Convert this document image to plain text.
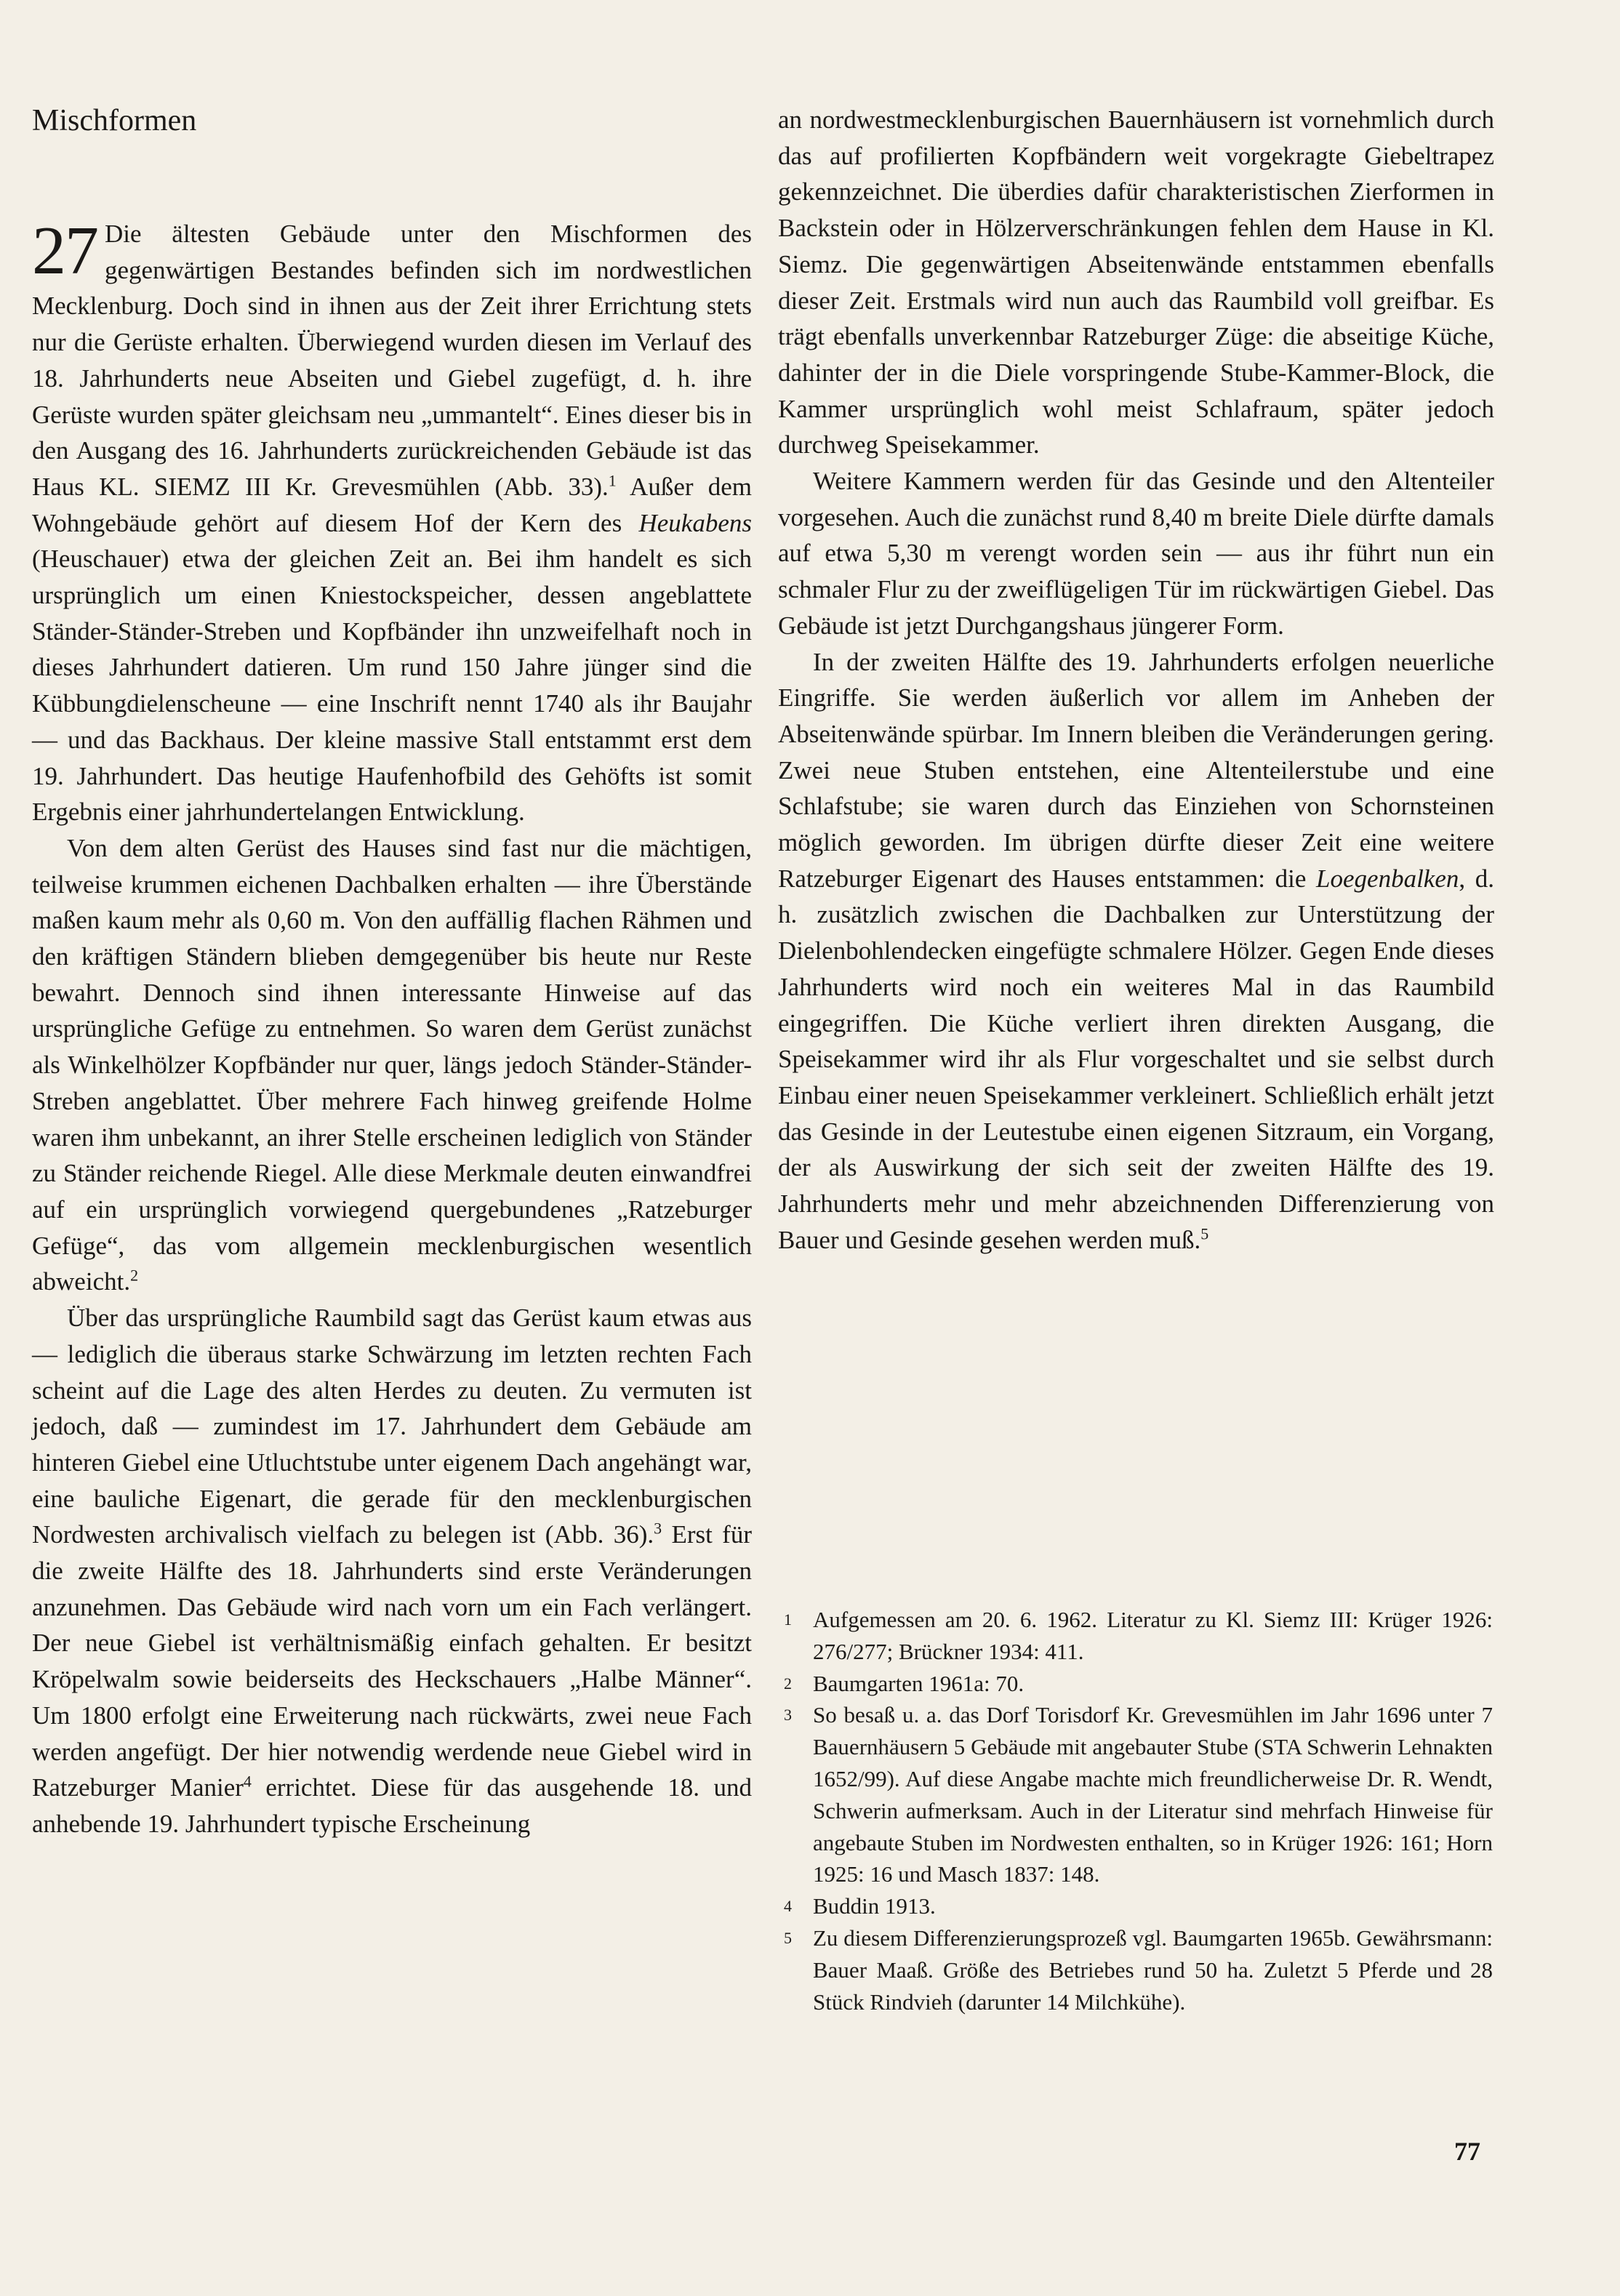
Mischformen

27 Die ältesten Gebäude unter den Mischformen des gegenwärtigen Bestandes befinden sich im nordwestlichen Mecklenburg. Doch sind in ihnen aus der Zeit ihrer Errichtung stets nur die Gerüste erhalten. Überwiegend wurden diesen im Verlauf des 18. Jahrhunderts neue Abseiten und Giebel zugefügt, d. h. ihre Gerüste wurden später gleichsam neu „ummantelt“. Eines dieser bis in den Ausgang des 16. Jahrhunderts zurückreichenden Gebäude ist das Haus KL. SIEMZ III Kr. Grevesmühlen (Abb. 33).$^1$ Außer dem Wohngebäude gehört auf diesem Hof der Kern des Heukabens (Heuschauer) etwa der gleichen Zeit an. Bei ihm handelt es sich ursprünglich um einen Kniestockspeicher, dessen angeblattete Ständer-Ständer-Streben und Kopfbänder ihn unzweifelhaft noch in dieses Jahrhundert datieren. Um rund 150 Jahre jünger sind die Kübbungdielenscheune — eine Inschrift nennt 1740 als ihr Baujahr — und das Backhaus. Der kleine massive Stall entstammt erst dem 19. Jahrhundert. Das heutige Haufenhofbild des Gehöfts ist somit Ergebnis einer jahrhundertelangen Entwicklung.

Von dem alten Gerüst des Hauses sind fast nur die mächtigen, teilweise krummen eichenen Dachbalken erhalten — ihre Überstände maßen kaum mehr als 0,60 m. Von den auffällig flachen Rähmen und den kräftigen Ständern blieben demgegenüber bis heute nur Reste bewahrt. Dennoch sind ihnen interessante Hinweise auf das ursprüngliche Gefüge zu entnehmen. So waren dem Gerüst zunächst als Winkelhölzer Kopfbänder nur quer, längs jedoch Ständer-Ständer-Streben angeblattet. Über mehrere Fach hinweg greifende Holme waren ihm unbekannt, an ihrer Stelle erscheinen lediglich von Ständer zu Ständer reichende Riegel. Alle diese Merkmale deuten einwandfrei auf ein ursprünglich vorwiegend quergebundenes „Ratzeburger Gefüge“, das vom allgemein mecklenburgischen wesentlich abweicht.$^2$

Über das ursprüngliche Raumbild sagt das Gerüst kaum etwas aus — lediglich die überaus starke Schwärzung im letzten rechten Fach scheint auf die Lage des alten Herdes zu deuten. Zu vermuten ist jedoch, daß — zumindest im 17. Jahrhundert dem Gebäude am hinteren Giebel eine Utluchtstube unter eigenem Dach angehängt war, eine bauliche Eigenart, die gerade für den mecklenburgischen Nordwesten archivalisch vielfach zu belegen ist (Abb. 36).$^3$ Erst für die zweite Hälfte des 18. Jahrhunderts sind erste Veränderungen anzunehmen. Das Gebäude wird nach vorn um ein Fach verlängert. Der neue Giebel ist verhältnismäßig einfach gehalten. Er besitzt Kröpelwalm sowie beiderseits des Heckschauers „Halbe Männer“. Um 1800 erfolgt eine Erweiterung nach rückwärts, zwei neue Fach werden angefügt. Der hier notwendig werdende neue Giebel wird in Ratzeburger Manier$^4$ errichtet. Diese für das ausgehende 18. und anhebende 19. Jahrhundert typische Erscheinung

an nordwestmecklenburgischen Bauernhäusern ist vornehmlich durch das auf profilierten Kopfbändern weit vorgekragte Giebeltrapez gekennzeichnet. Die überdies dafür charakteristischen Zierformen in Backstein oder in Hölzerverschränkungen fehlen dem Hause in Kl. Siemz. Die gegenwärtigen Abseitenwände entstammen ebenfalls dieser Zeit. Erstmals wird nun auch das Raumbild voll greifbar. Es trägt ebenfalls unverkennbar Ratzeburger Züge: die abseitige Küche, dahinter der in die Diele vorspringende Stube-Kammer-Block, die Kammer ursprünglich wohl meist Schlafraum, später jedoch durchweg Speisekammer.

Weitere Kammern werden für das Gesinde und den Altenteiler vorgesehen. Auch die zunächst rund 8,40 m breite Diele dürfte damals auf etwa 5,30 m verengt worden sein — aus ihr führt nun ein schmaler Flur zu der zweiflügeligen Tür im rückwärtigen Giebel. Das Gebäude ist jetzt Durchgangshaus jüngerer Form.

In der zweiten Hälfte des 19. Jahrhunderts erfolgen neuerliche Eingriffe. Sie werden äußerlich vor allem im Anheben der Abseitenwände spürbar. Im Innern bleiben die Veränderungen gering. Zwei neue Stuben entstehen, eine Altenteilerstube und eine Schlafstube; sie waren durch das Einziehen von Schornsteinen möglich geworden. Im übrigen dürfte dieser Zeit eine weitere Ratzeburger Eigenart des Hauses entstammen: die Loegenbalken, d. h. zusätzlich zwischen die Dachbalken zur Unterstützung der Dielenbohlendecken eingefügte schmalere Hölzer. Gegen Ende dieses Jahrhunderts wird noch ein weiteres Mal in das Raumbild eingegriffen. Die Küche verliert ihren direkten Ausgang, die Speisekammer wird ihr als Flur vorgeschaltet und sie selbst durch Einbau einer neuen Speisekammer verkleinert. Schließlich erhält jetzt das Gesinde in der Leutestube einen eigenen Sitzraum, ein Vorgang, der als Auswirkung der sich seit der zweiten Hälfte des 19. Jahrhunderts mehr und mehr abzeichnenden Differenzierung von Bauer und Gesinde gesehen werden muß.$^5$

1 Aufgemessen am 20. 6. 1962. Literatur zu Kl. Siemz III: Krüger 1926: 276/277; Brückner 1934: 411.
2 Baumgarten 1961a: 70.
3 So besaß u. a. das Dorf Torisdorf Kr. Grevesmühlen im Jahr 1696 unter 7 Bauernhäusern 5 Gebäude mit angebauter Stube (STA Schwerin Lehnakten 1652/99). Auf diese Angabe machte mich freundlicherweise Dr. R. Wendt, Schwerin aufmerksam. Auch in der Literatur sind mehrfach Hinweise für angebaute Stuben im Nordwesten enthalten, so in Krüger 1926: 161; Horn 1925: 16 und Masch 1837: 148.
4 Buddin 1913.
5 Zu diesem Differenzierungsprozeß vgl. Baumgarten 1965b. Gewährsmann: Bauer Maaß. Größe des Betriebes rund 50 ha. Zuletzt 5 Pferde und 28 Stück Rindvieh (darunter 14 Milchkühe).
77
